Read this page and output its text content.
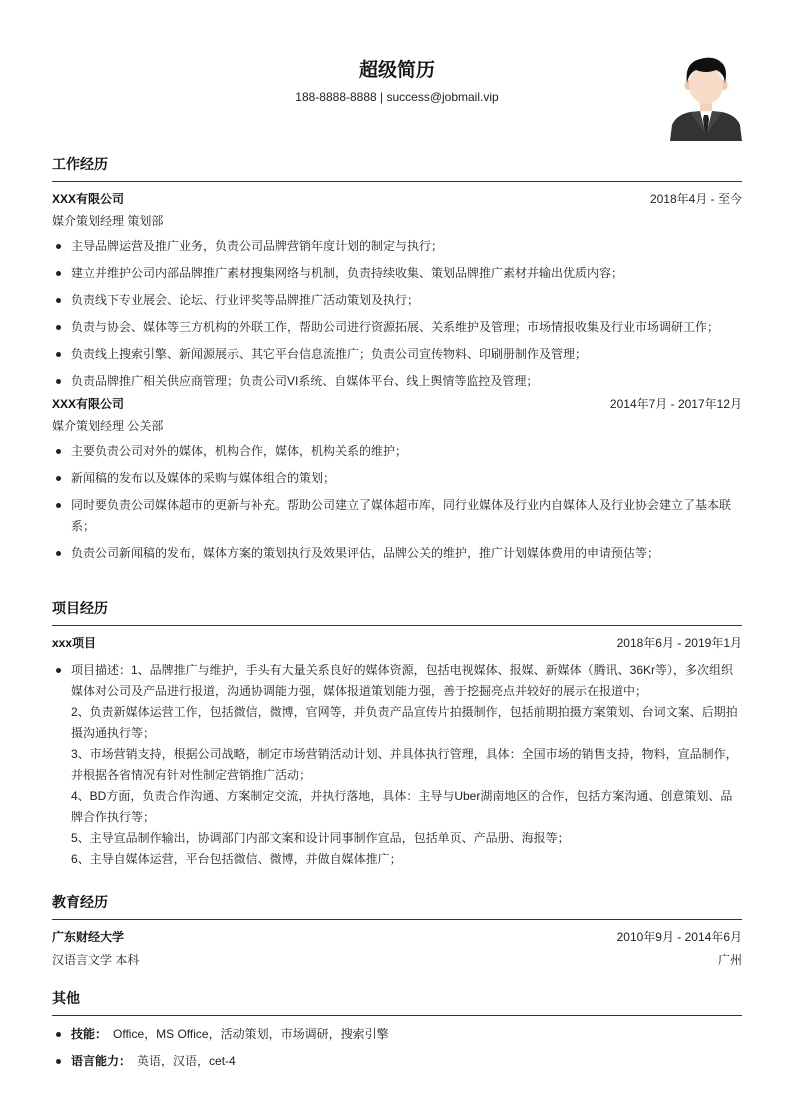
超级简历
188-8888-8888 | success@jobmail.vip
工作经历
XXX有限公司	2018年4月 - 至今
媒介策划经理 策划部
主导品牌运营及推广业务，负责公司品牌营销年度计划的制定与执行；
建立并维护公司内部品牌推广素材搜集网络与机制，负责持续收集、策划品牌推广素材并输出优质内容；
负责线下专业展会、论坛、行业评奖等品牌推广活动策划及执行；
负责与协会、媒体等三方机构的外联工作，帮助公司进行资源拓展、关系维护及管理；市场情报收集及行业市场调研工作；
负责线上搜索引擎、新闻源展示、其它平台信息流推广；负责公司宣传物料、印刷册制作及管理；
负责品牌推广相关供应商管理；负责公司VI系统、自媒体平台、线上舆情等监控及管理；
XXX有限公司	2014年7月 - 2017年12月
媒介策划经理 公关部
主要负责公司对外的媒体，机构合作，媒体，机构关系的维护；
新闻稿的发布以及媒体的采购与媒体组合的策划；
同时要负责公司媒体超市的更新与补充。帮助公司建立了媒体超市库，同行业媒体及行业内自媒体人及行业协会建立了基本联系；
负责公司新闻稿的发布，媒体方案的策划执行及效果评估，品牌公关的维护，推广计划媒体费用的申请预估等；
项目经历
xxx项目	2018年6月 - 2019年1月
项目描述：1、品牌推广与维护，手头有大量关系良好的媒体资源，包括电视媒体、报媒、新媒体（腾讯、36Kr等），多次组织媒体对公司及产品进行报道，沟通协调能力强，媒体报道策划能力强，善于挖掘亮点并较好的展示在报道中；
2、负责新媒体运营工作，包括微信，微博，官网等，并负责产品宣传片拍摄制作，包括前期拍摄方案策划、台词文案、后期拍摄沟通执行等；
3、市场营销支持，根据公司战略，制定市场营销活动计划、并具体执行管理，具体：全国市场的销售支持，物料，宣品制作，并根据各省情况有针对性制定营销推广活动；
4、BD方面，负责合作沟通、方案制定交流，并执行落地，具体：主导与Uber湖南地区的合作，包括方案沟通、创意策划、品牌合作执行等；
5、主导宣品制作输出，协调部门内部文案和设计同事制作宣品，包括单页、产品册、海报等；
6、主导自媒体运营，平台包括微信、微博，并做自媒体推广；
教育经历
广东财经大学	2010年9月 - 2014年6月
汉语言文学 本科	广州
其他
技能： Office，MS Office，活动策划，市场调研，搜索引擎
语言能力： 英语，汉语，cet-4
